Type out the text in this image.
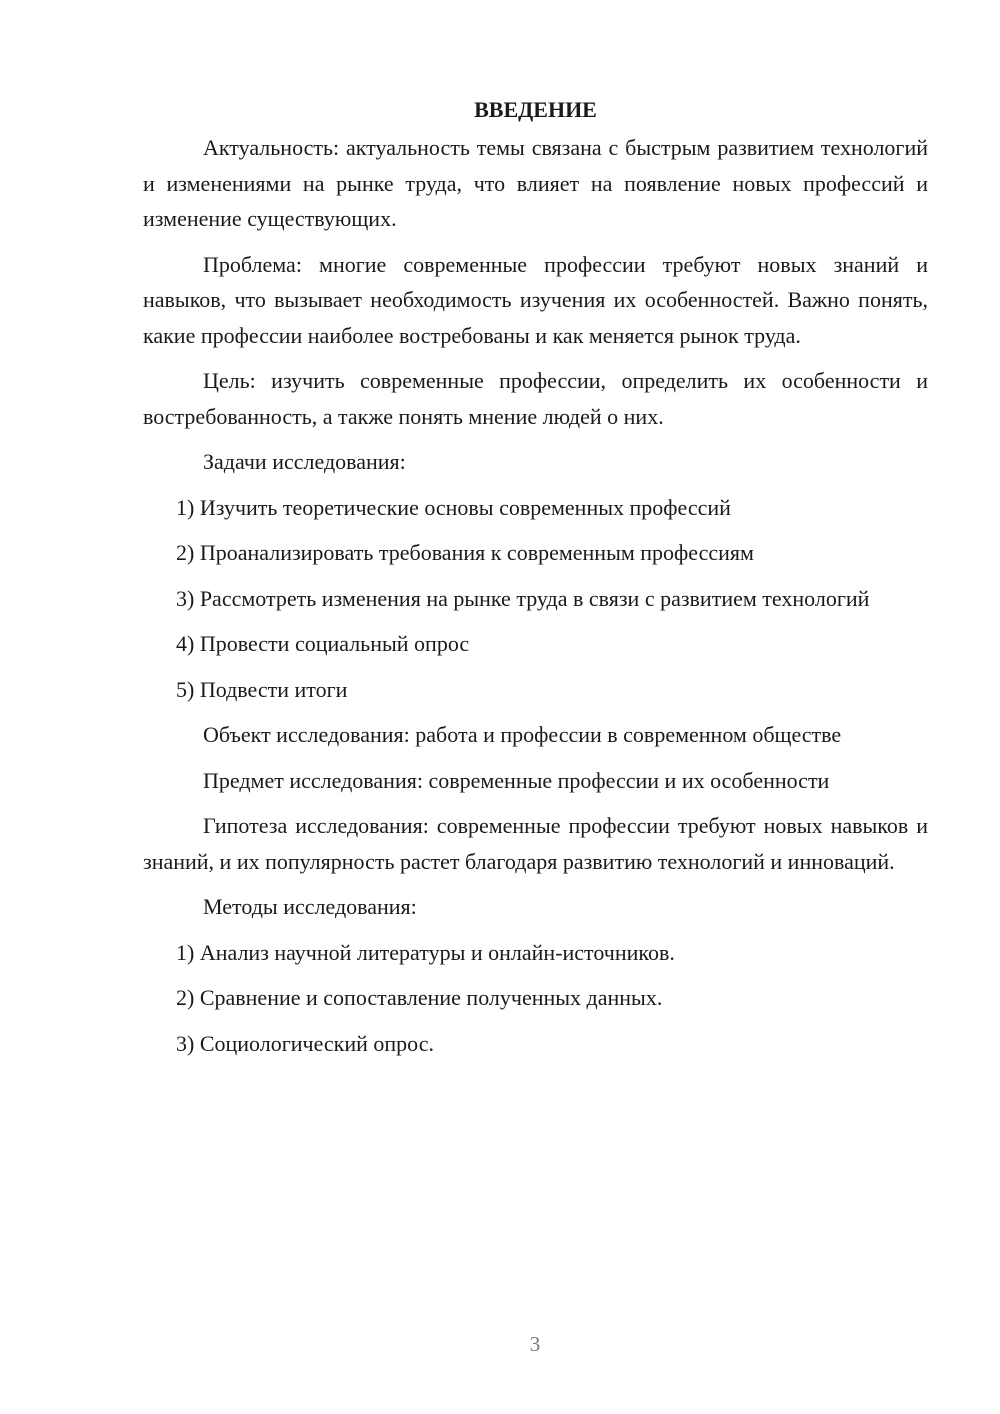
ВВЕДЕНИЕ

Актуальность: актуальность темы связана с быстрым развитием технологий и изменениями на рынке труда, что влияет на появление новых профессий и изменение существующих.

Проблема: многие современные профессии требуют новых знаний и навыков, что вызывает необходимость изучения их особенностей. Важно понять, какие профессии наиболее востребованы и как меняется рынок труда.

Цель: изучить современные профессии, определить их особенности и востребованность, а также понять мнение людей о них.

Задачи исследования:

1) Изучить теоретические основы современных профессий

2) Проанализировать требования к современным профессиям

3) Рассмотреть изменения на рынке труда в связи с развитием технологий

4) Провести социальный опрос

5) Подвести итоги

Объект исследования: работа и профессии в современном обществе

Предмет исследования: современные профессии и их особенности

Гипотеза исследования: современные профессии требуют новых навыков и знаний, и их популярность растет благодаря развитию технологий и инноваций.

Методы исследования:

1) Анализ научной литературы и онлайн-источников.

2) Сравнение и сопоставление полученных данных.

3) Социологический опрос.

3
